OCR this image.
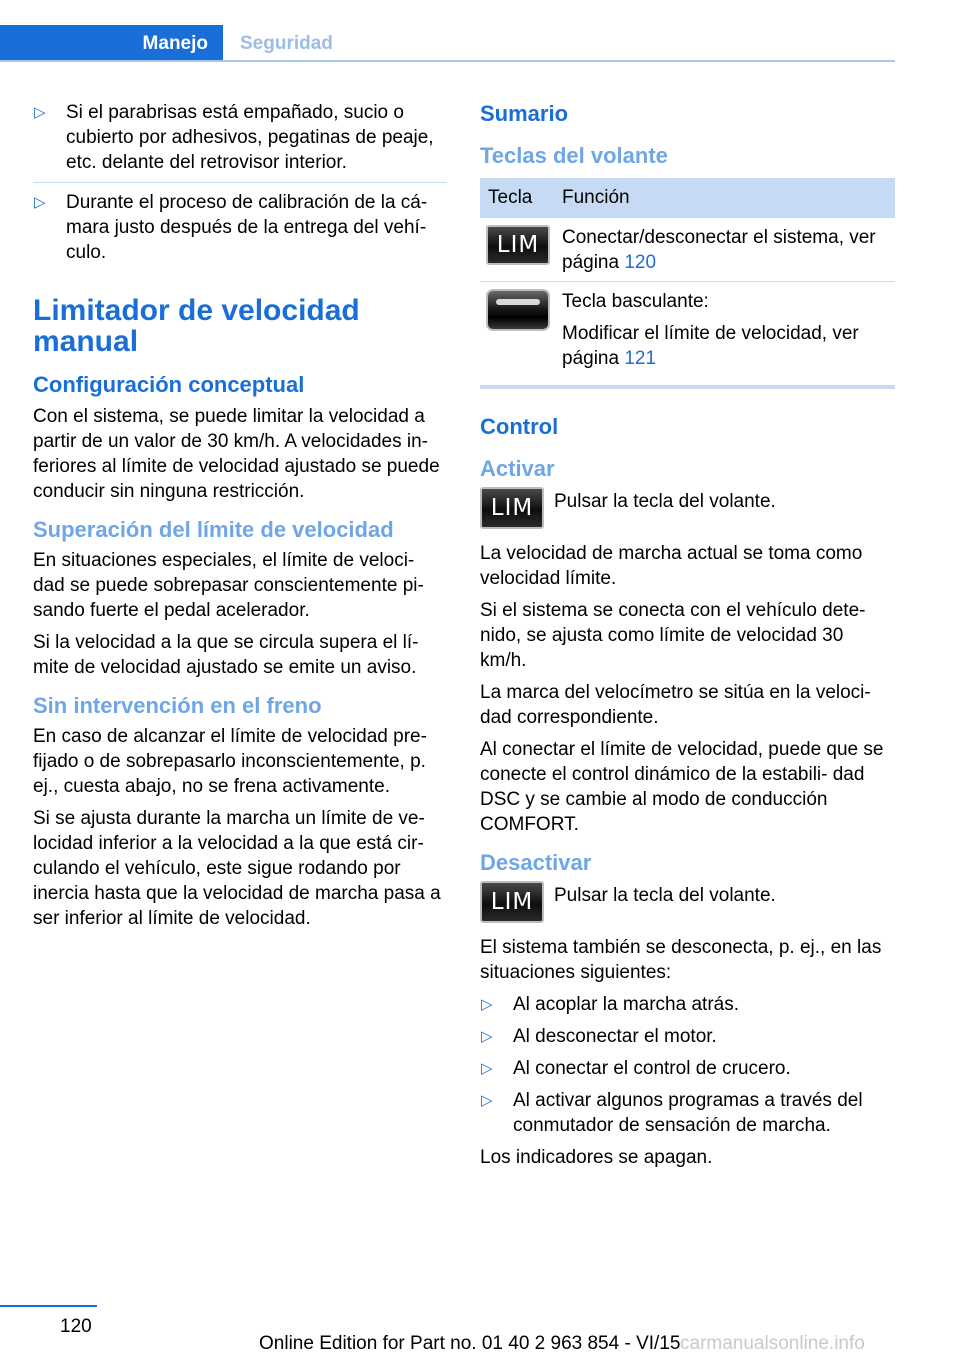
Manejo	Seguridad
▷ Si el parabrisas está empañado, sucio o cubierto por adhesivos, pegatinas de peaje, etc. delante del retrovisor interior.
▷ Durante el proceso de calibración de la cá- mara justo después de la entrega del vehí- culo.
Limitador de velocidad manual
Configuración conceptual

Con el sistema, se puede limitar la velocidad a partir de un valor de 30 km/h. A velocidades in- feriores al límite de velocidad ajustado se puede conducir sin ninguna restricción.

Superación del límite de velocidad

En situaciones especiales, el límite de veloci- dad se puede sobrepasar conscientemente pi- sando fuerte el pedal acelerador.

Si la velocidad a la que se circula supera el lí- mite de velocidad ajustado se emite un aviso.

Sin intervención en el freno

En caso de alcanzar el límite de velocidad pre- fijado o de sobrepasarlo inconscientemente, p. ej., cuesta abajo, no se frena activamente.

Si se ajusta durante la marcha un límite de ve- locidad inferior a la velocidad a la que está cir- culando el vehículo, este sigue rodando por inercia hasta que la velocidad de marcha pasa a ser inferior al límite de velocidad.

Sumario
Teclas del volante
Tecla	Función
LIM	Conectar/desconectar el sistema, ver página 120

	Tecla basculante:

Modificar el límite de velocidad, ver página 121
Control
Activar
LIM	Pulsar la tecla del volante.

La velocidad de marcha actual se toma como velocidad límite.

Si el sistema se conecta con el vehículo dete- nido, se ajusta como límite de velocidad 30 km/h.

La marca del velocímetro se sitúa en la veloci- dad correspondiente.

Al conectar el límite de velocidad, puede que se conecte el control dinámico de la estabili- dad DSC y se cambie al modo de conducción COMFORT.

Desactivar
LIM	Pulsar la tecla del volante.

El sistema también se desconecta, p. ej., en las situaciones siguientes:

▷ Al acoplar la marcha atrás.
▷ Al desconectar el motor.
▷ Al conectar el control de crucero.
▷ Al activar algunos programas a través del conmutador de sensación de marcha.

Los indicadores se apagan.

120
Online Edition for Part no. 01 40 2 963 854 - VI/15 carmanualsonline.info
